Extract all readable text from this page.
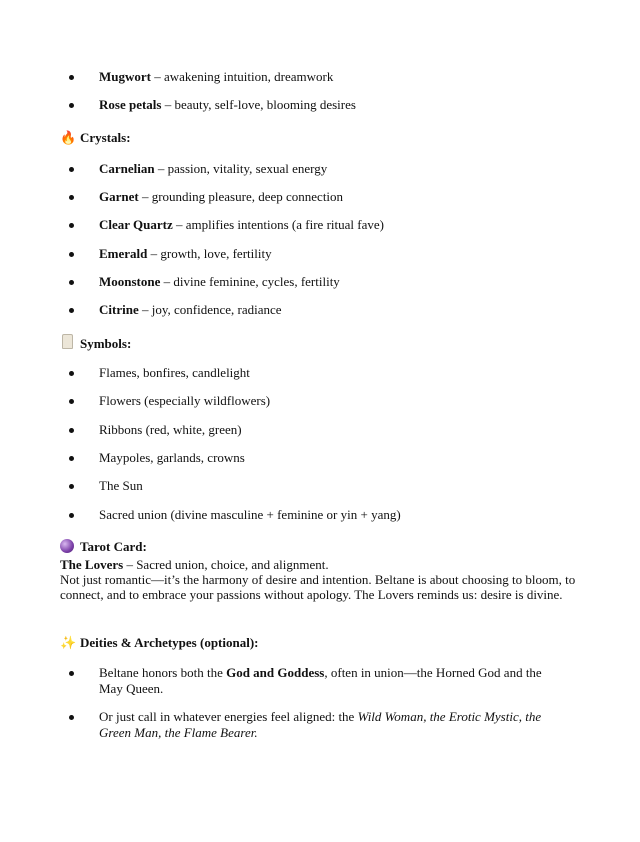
Mugwort – awakening intuition, dreamwork
Rose petals – beauty, self-love, blooming desires
🔥 Crystals:
Carnelian – passion, vitality, sexual energy
Garnet – grounding pleasure, deep connection
Clear Quartz – amplifies intentions (a fire ritual fave)
Emerald – growth, love, fertility
Moonstone – divine feminine, cycles, fertility
Citrine – joy, confidence, radiance
Symbols:
Flames, bonfires, candlelight
Flowers (especially wildflowers)
Ribbons (red, white, green)
Maypoles, garlands, crowns
The Sun
Sacred union (divine masculine + feminine or yin + yang)
Tarot Card:
The Lovers – Sacred union, choice, and alignment.
Not just romantic—it’s the harmony of desire and intention. Beltane is about choosing to bloom, to connect, and to embrace your passions without apology. The Lovers reminds us: desire is divine.
✨ Deities & Archetypes (optional):
Beltane honors both the God and Goddess, often in union—the Horned God and the May Queen.
Or just call in whatever energies feel aligned: the Wild Woman, the Erotic Mystic, the Green Man, the Flame Bearer.
